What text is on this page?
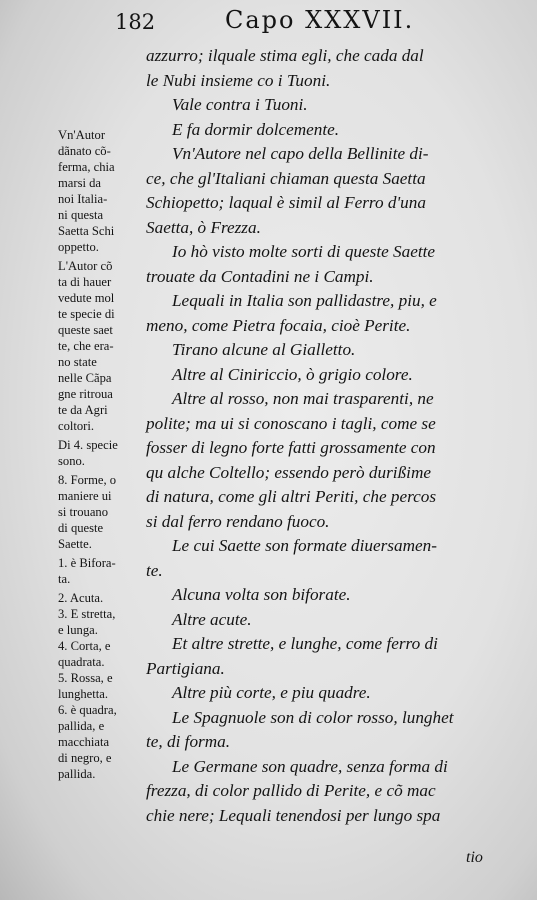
182	Capo XXXVII.
Vn'Autor
dãnato cõ-
ferma, chia
marsi da
noi Italia-
ni questa
Saetta Schi
oppetto.
L'Autor cõ
ta di hauer
vedute mol
te specie di
queste saet
te, che era-
no state
nelle Cãpa
gne ritroua
te da Agri
coltori.
Di 4. specie
sono.
8. Forme, o
maniere ui
si trouano
di queste
Saette.
1. è Bifora-
ta.
2. Acuta.
3. E stretta,
e lunga.
4. Corta, e
quadrata.
5. Rossa, e
lunghetta.
6. è quadra,
pallida, e
macchiata
di negro, e
pallida.
azzurro; ilquale stima egli, che cada dal
le Nubi insieme co i Tuoni.
Vale contra i Tuoni.
E fa dormir dolcemente.
Vn'Autore nel capo della Bellinite di-
ce, che gl'Italiani chiaman questa Saetta
Schiopetto; laqual è simil al Ferro d'una
Saetta, ò Frezza.
Io hò visto molte sorti di queste Saette
trouate da Contadini ne i Campi.
Lequali in Italia son pallidastre, piu, e
meno, come Pietra focaia, cioè Perite.
Tirano alcune al Gialletto.
Altre al Ciniriccio, ò grigio colore.
Altre al rosso, non mai trasparenti, ne
polite; ma ui si conoscano i tagli, come se
fosser di legno forte fatti grossamente con
qu alche Coltello; essendo però durißime
di natura, come gli altri Periti, che percos
si dal ferro rendano fuoco.
Le cui Saette son formate diuersamen-
te.
Alcuna volta son biforate.
Altre acute.
Et altre strette, e lunghe, come ferro di
Partigiana.
Altre più corte, e piu quadre.
Le Spagnuole son di color rosso, lunghet
te, di forma.
Le Germane son quadre, senza forma di
frezza, di color pallido di Perite, e cõ mac
chie nere; Lequali tenendosi per lungo spa
tio
